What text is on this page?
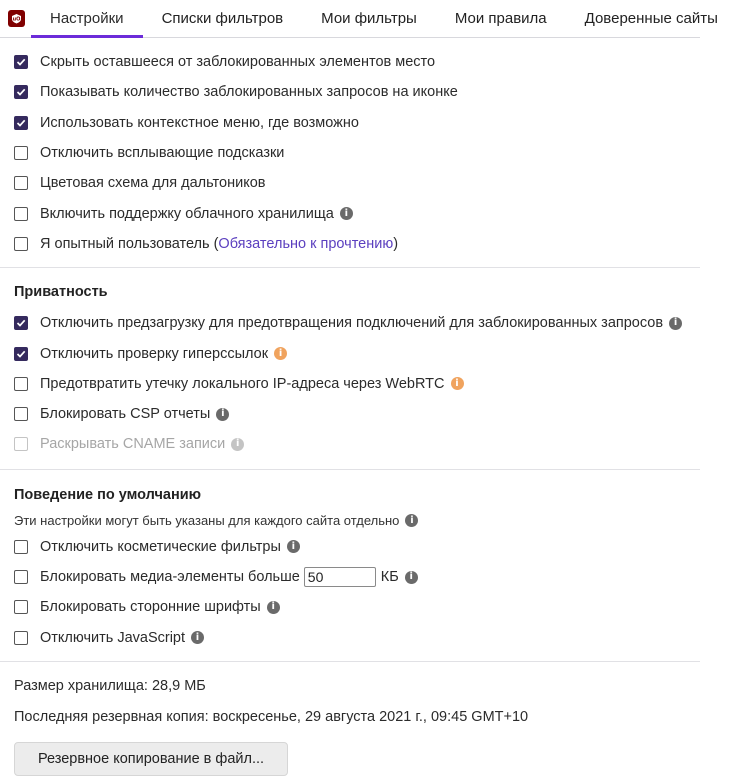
uO	Настройки	Списки фильтров	Мои фильтры	Мои правила	Доверенные сайты
Скрыть оставшееся от заблокированных элементов место
Показывать количество заблокированных запросов на иконке
Использовать контекстное меню, где возможно
Отключить всплывающие подсказки
Цветовая схема для дальтоников
Включить поддержку облачного хранилища	i
Я опытный пользователь (Обязательно к прочтению)
Приватность
Отключить предзагрузку для предотвращения подключений для заблокированных запросов	i
Отключить проверку гиперссылок	i
Предотвратить утечку локального IP-адреса через WebRTC	i
Блокировать CSP отчеты	i
Раскрывать CNAME записи	i
Поведение по умолчанию
Эти настройки могут быть указаны для каждого сайта отдельно	i
Отключить косметические фильтры	i
Блокировать медиа-элементы больше
50	КБ	i
Блокировать сторонние шрифты	i
Отключить JavaScript	i
Размер хранилища: 28,9 МБ
Последняя резервная копия: воскресенье, 29 августа 2021 г., 09:45 GMT+10
Резервное копирование в файл...
